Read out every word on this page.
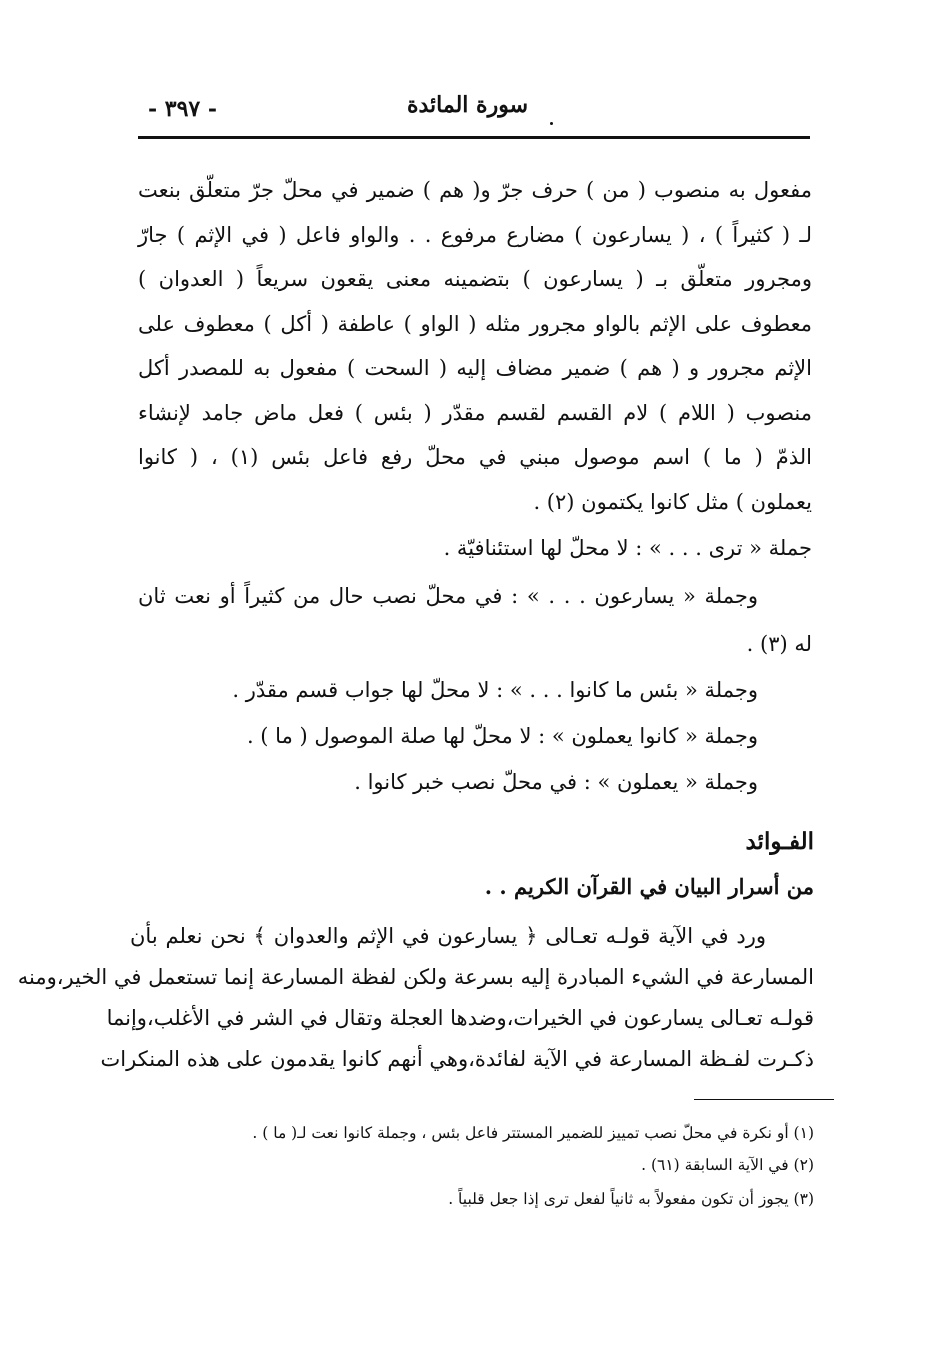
سورة المائدة
- ٣٩٧ -
مفعول به منصوب ( من ) حرف جرّ و( هم ) ضمير في محلّ جرّ متعلّق بنعت
لـ ( كثيراً ) ، ( يسارعون ) مضارع مرفوع . . والواو فاعل ( في الإثم ) جارّ
ومجرور متعلّق بـ ( يسارعون ) بتضمينه معنى يقعون سريعاً ( العدوان )
معطوف على الإثم بالواو مجرور مثله ( الواو ) عاطفة ( أكل ) معطوف على
الإثم مجرور و ( هم ) ضمير مضاف إليه ( السحت ) مفعول به للمصدر أكل
منصوب ( اللام ) لام القسم لقسم مقدّر ( بئس ) فعل ماض جامد لإنشاء
الذمّ ( ما ) اسم موصول مبني في محلّ رفع فاعل بئس (١) ، ( كانوا
يعملون ) مثل كانوا يكتمون (٢) .
جملة « ترى . . . » : لا محلّ لها استئنافيّة .
وجملة « يسارعون . . . » : في محلّ نصب حال من كثيراً أو نعت ثان
له (٣) .
وجملة « بئس ما كانوا . . . » : لا محلّ لها جواب قسم مقدّر .
وجملة « كانوا يعملون » : لا محلّ لها صلة الموصول ( ما ) .
وجملة « يعملون » : في محلّ نصب خبر كانوا .
الفـوائد
من أسرار البيان في القرآن الكريم . .
ورد في الآية قولـه تعـالى ﴿ يسارعون في الإثم والعدوان ﴾ نحن نعلم بأن
المسارعة في الشيء المبادرة إليه بسرعة ولكن لفظة المسارعة إنما تستعمل في الخير،ومنه
قولـه تعـالى يسارعون في الخيرات،وضدها العجلة وتقال في الشر في الأغلب،وإنما
ذكـرت لفـظة المسارعة في الآية لفائدة،وهي أنهم كانوا يقدمون على هذه المنكرات
(١) أو نكرة في محلّ نصب تمييز للضمير المستتر فاعل بئس ، وجملة كانوا نعت لـ( ما ) .
(٢) في الآية السابقة (٦١) .
(٣) يجوز أن تكون مفعولاً به ثانياً لفعل ترى إذا جعل قلبياً .
